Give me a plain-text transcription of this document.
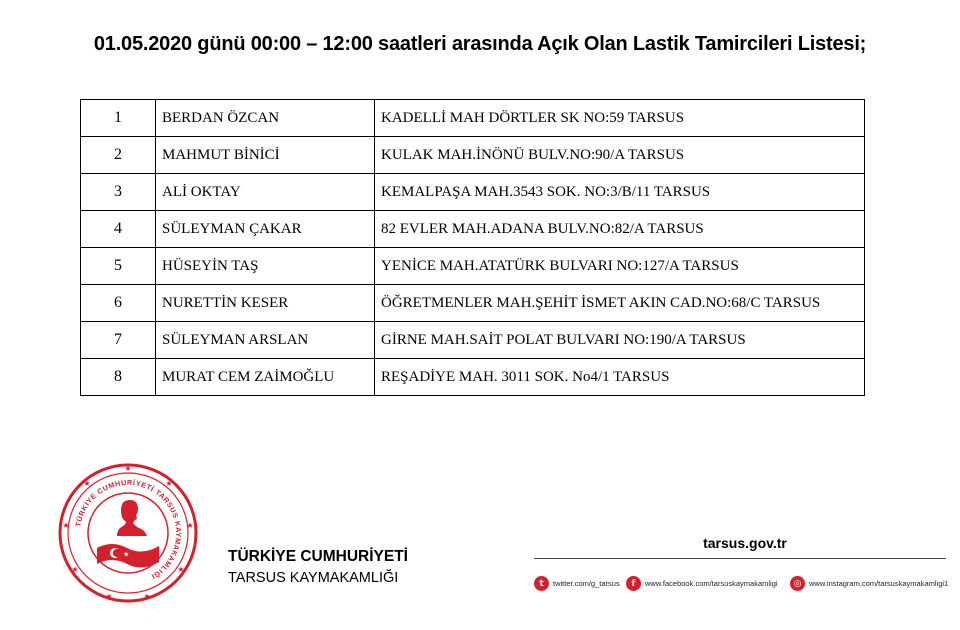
01.05.2020 günü 00:00 – 12:00 saatleri arasında Açık Olan Lastik Tamircileri Listesi;
1	BERDAN ÖZCAN	KADELLİ MAH DÖRTLER SK NO:59 TARSUS
2	MAHMUT BİNİCİ	KULAK MAH.İNÖNÜ BULV.NO:90/A TARSUS
3	ALİ OKTAY	KEMALPAŞA MAH.3543 SOK. NO:3/B/11 TARSUS
4	SÜLEYMAN ÇAKAR	82 EVLER MAH.ADANA BULV.NO:82/A TARSUS
5	HÜSEYİN TAŞ	YENİCE MAH.ATATÜRK BULVARI NO:127/A TARSUS
6	NURETTİN KESER	ÖĞRETMENLER MAH.ŞEHİT İSMET AKIN CAD.NO:68/C TARSUS
7	SÜLEYMAN ARSLAN	GİRNE MAH.SAİT POLAT BULVARI NO:190/A TARSUS
8	MURAT CEM ZAİMOĞLU	REŞADİYE MAH. 3011 SOK. No4/1 TARSUS
★
★
★
★
★
★
★
★
★
TÜRKİYE CUMHURİYETİ TARSUS KAYMAKAMLIĞI
★	TÜRKİYE CUMHURİYETİ
TARSUS KAYMAKAMLIĞI
tarsus.gov.tr
t	twitter.com/g_tarsus	f	www.facebook.com/tarsuskaymakamligi	◎	www.instagram.com/tarsuskaymakamligi1
